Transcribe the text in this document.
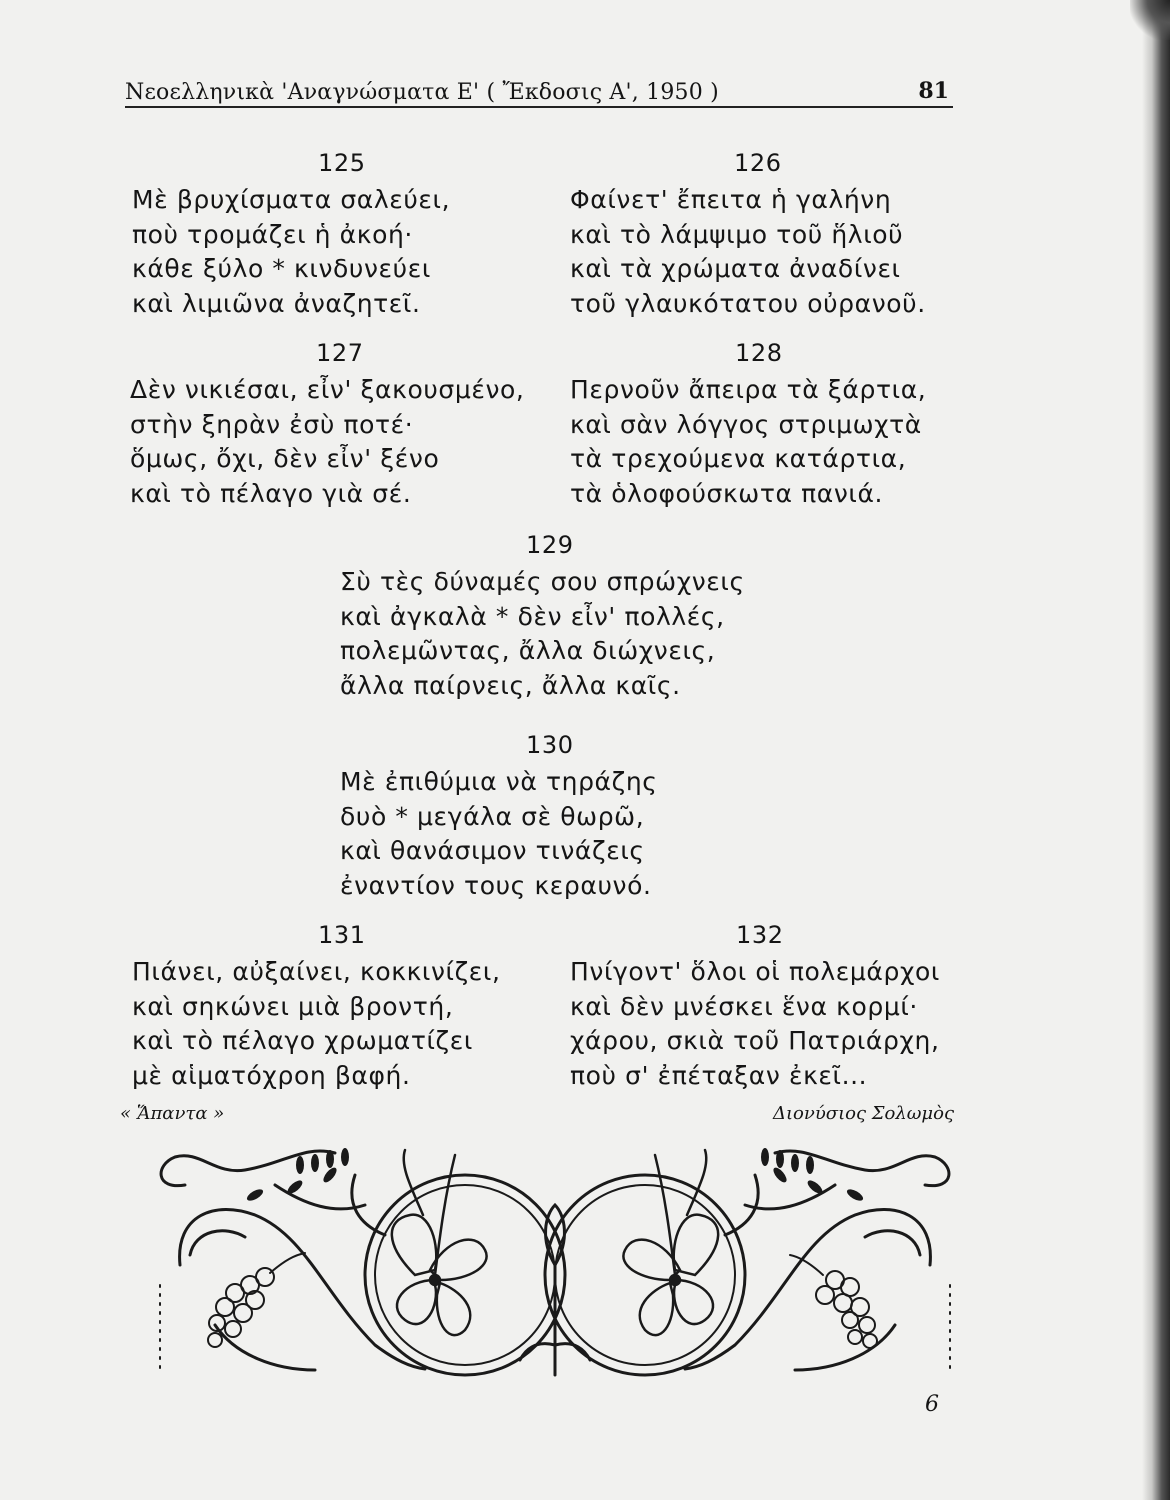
Νεοελληνικὰ 'Αναγνώσματα Ε' ( Ἔκδοσις Α', 1950 )	81
125
Μὲ βρυχίσματα σαλεύει,
ποὺ τρομάζει ἡ ἀκοή·
κάθε ξύλο * κινδυνεύει
καὶ λιμιῶνα ἀναζητεῖ.
126
Φαίνετ' ἔπειτα ἡ γαλήνη
καὶ τὸ λάμψιμο τοῦ ἥλιοῦ
καὶ τὰ χρώματα ἀναδίνει
τοῦ γλαυκότατου οὐρανοῦ.
127
Δὲν νικιέσαι, εἶν' ξακουσμένο,
στὴν ξηρὰν ἐσὺ ποτέ·
ὅμως, ὄχι, δὲν εἶν' ξένο
καὶ τὸ πέλαγο γιὰ σέ.
128
Περνοῦν ἄπειρα τὰ ξάρτια,
καὶ σὰν λόγγος στριμωχτὰ
τὰ τρεχούμενα κατάρτια,
τὰ ὁλοφούσκωτα πανιά.
129
Σὺ τὲς δύναμές σου σπρώχνεις
καὶ ἀγκαλὰ * δὲν εἶν' πολλές,
πολεμῶντας, ἄλλα διώχνεις,
ἄλλα παίρνεις, ἄλλα καῖς.
130
Μὲ ἐπιθύμια νὰ τηράζης
δυὸ * μεγάλα σὲ θωρῶ,
καὶ θανάσιμον τινάζεις
ἐναντίον τους κεραυνό.
131
Πιάνει, αὐξαίνει, κοκκινίζει,
καὶ σηκώνει μιὰ βροντή,
καὶ τὸ πέλαγο χρωματίζει
μὲ αἱματόχροη βαφή.
132
Πνίγοντ' ὅλοι οἱ πολεμάρχοι
καὶ δὲν μνέσκει ἕνα κορμί·
χάρου, σκιὰ τοῦ Πατριάρχη,
ποὺ σ' ἐπέταξαν ἐκεῖ...
« Ἅπαντα »	Διονύσιος Σολωμὸς
6
